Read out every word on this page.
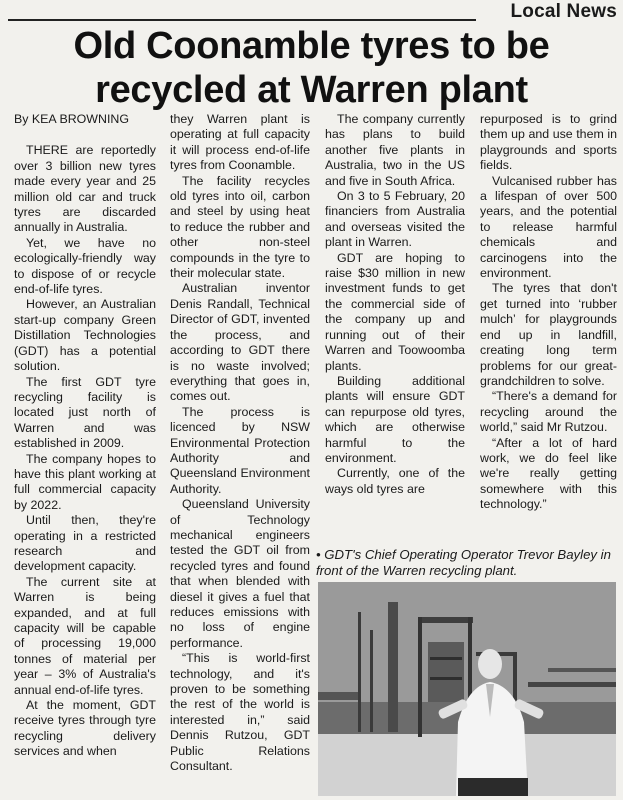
Local News
Old Coonamble tyres to be recycled at Warren plant

By KEA BROWNING

THERE are reportedly over 3 billion new tyres made every year and 25 million old car and truck tyres are discarded annually in Australia.

Yet, we have no ecologically-friendly way to dispose of or recycle end-of-life tyres.

However, an Australian start-up company Green Distillation Technologies (GDT) has a potential solution.

The first GDT tyre recycling facility is located just north of Warren and was established in 2009.

The company hopes to have this plant working at full commercial capacity by 2022.

Until then, they're operating in a restricted research and development capacity.

The current site at Warren is being expanded, and at full capacity will be capable of processing 19,000 tonnes of material per year – 3% of Australia's annual end-of-life tyres.

At the moment, GDT receive tyres through tyre recycling delivery services and when

they Warren plant is operating at full capacity it will process end-of-life tyres from Coonamble.

The facility recycles old tyres into oil, carbon and steel by using heat to reduce the rubber and other non-steel compounds in the tyre to their molecular state.

Australian inventor Denis Randall, Technical Director of GDT, invented the process, and according to GDT there is no waste involved; everything that goes in, comes out.

The process is licenced by NSW Environmental Protection Authority and Queensland Environment Authority.

Queensland University of Technology mechanical engineers tested the GDT oil from recycled tyres and found that when blended with diesel it gives a fuel that reduces emissions with no loss of engine performance.

“This is world-first technology, and it's proven to be something the rest of the world is interested in,” said Dennis Rutzou, GDT Public Relations Consultant.

The company currently has plans to build another five plants in Australia, two in the US and five in South Africa.

On 3 to 5 February, 20 financiers from Australia and overseas visited the plant in Warren.

GDT are hoping to raise $30 million in new investment funds to get the commercial side of the company up and running out of their Warren and Toowoomba plants.

Building additional plants will ensure GDT can repurpose old tyres, which are otherwise harmful to the environment.

Currently, one of the ways old tyres are

repurposed is to grind them up and use them in playgrounds and sports fields.

Vulcanised rubber has a lifespan of over 500 years, and the potential to release harmful chemicals and carcinogens into the environment.

The tyres that don't get turned into ‘rubber mulch’ for playgrounds end up in landfill, creating long term problems for our great-grandchildren to solve.

“There's a demand for recycling around the world,” said Mr Rutzou.

“After a lot of hard work, we do feel like we're really getting somewhere with this technology.”

• GDT's Chief Operating Operator Trevor Bayley in front of the Warren recycling plant.
